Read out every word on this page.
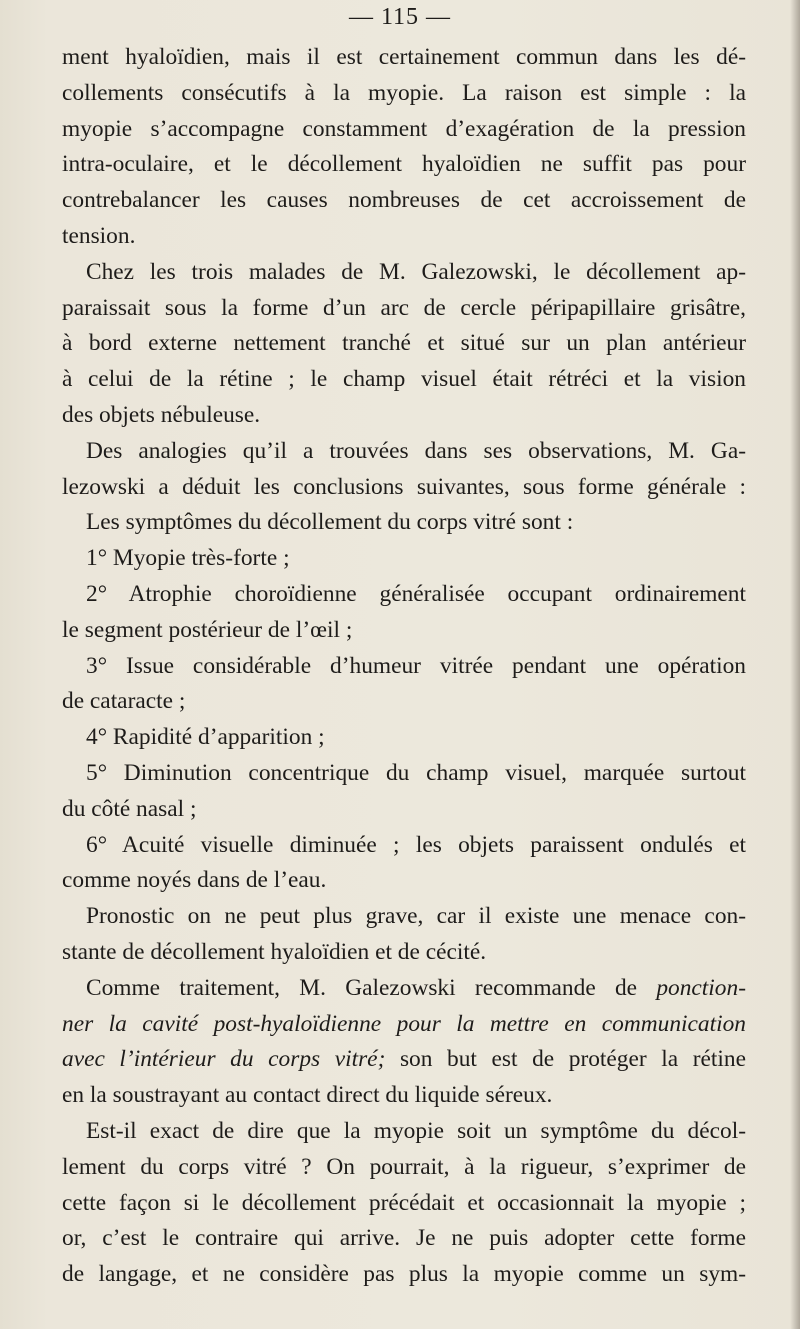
— 115 —
ment hyaloïdien, mais il est certainement commun dans les dé-
collements consécutifs à la myopie. La raison est simple : la
myopie s’accompagne constamment d’exagération de la pression
intra-oculaire, et le décollement hyaloïdien ne suffit pas pour
contrebalancer les causes nombreuses de cet accroissement de
tension.
Chez les trois malades de M. Galezowski, le décollement ap-
paraissait sous la forme d’un arc de cercle péripapillaire grisâtre,
à bord externe nettement tranché et situé sur un plan antérieur
à celui de la rétine ; le champ visuel était rétréci et la vision
des objets nébuleuse.
Des analogies qu’il a trouvées dans ses observations, M. Ga-
lezowski a déduit les conclusions suivantes, sous forme générale :
Les symptômes du décollement du corps vitré sont :
1° Myopie très-forte ;
2° Atrophie choroïdienne généralisée occupant ordinairement
le segment postérieur de l’œil ;
3° Issue considérable d’humeur vitrée pendant une opération
de cataracte ;
4° Rapidité d’apparition ;
5° Diminution concentrique du champ visuel, marquée surtout
du côté nasal ;
6° Acuité visuelle diminuée ; les objets paraissent ondulés et
comme noyés dans de l’eau.
Pronostic on ne peut plus grave, car il existe une menace con-
stante de décollement hyaloïdien et de cécité.
Comme traitement, M. Galezowski recommande de ponction-
ner la cavité post-hyaloïdienne pour la mettre en communication
avec l’intérieur du corps vitré; son but est de protéger la rétine
en la soustrayant au contact direct du liquide séreux.
Est-il exact de dire que la myopie soit un symptôme du décol-
lement du corps vitré ? On pourrait, à la rigueur, s’exprimer de
cette façon si le décollement précédait et occasionnait la myopie ;
or, c’est le contraire qui arrive. Je ne puis adopter cette forme
de langage, et ne considère pas plus la myopie comme un sym-
